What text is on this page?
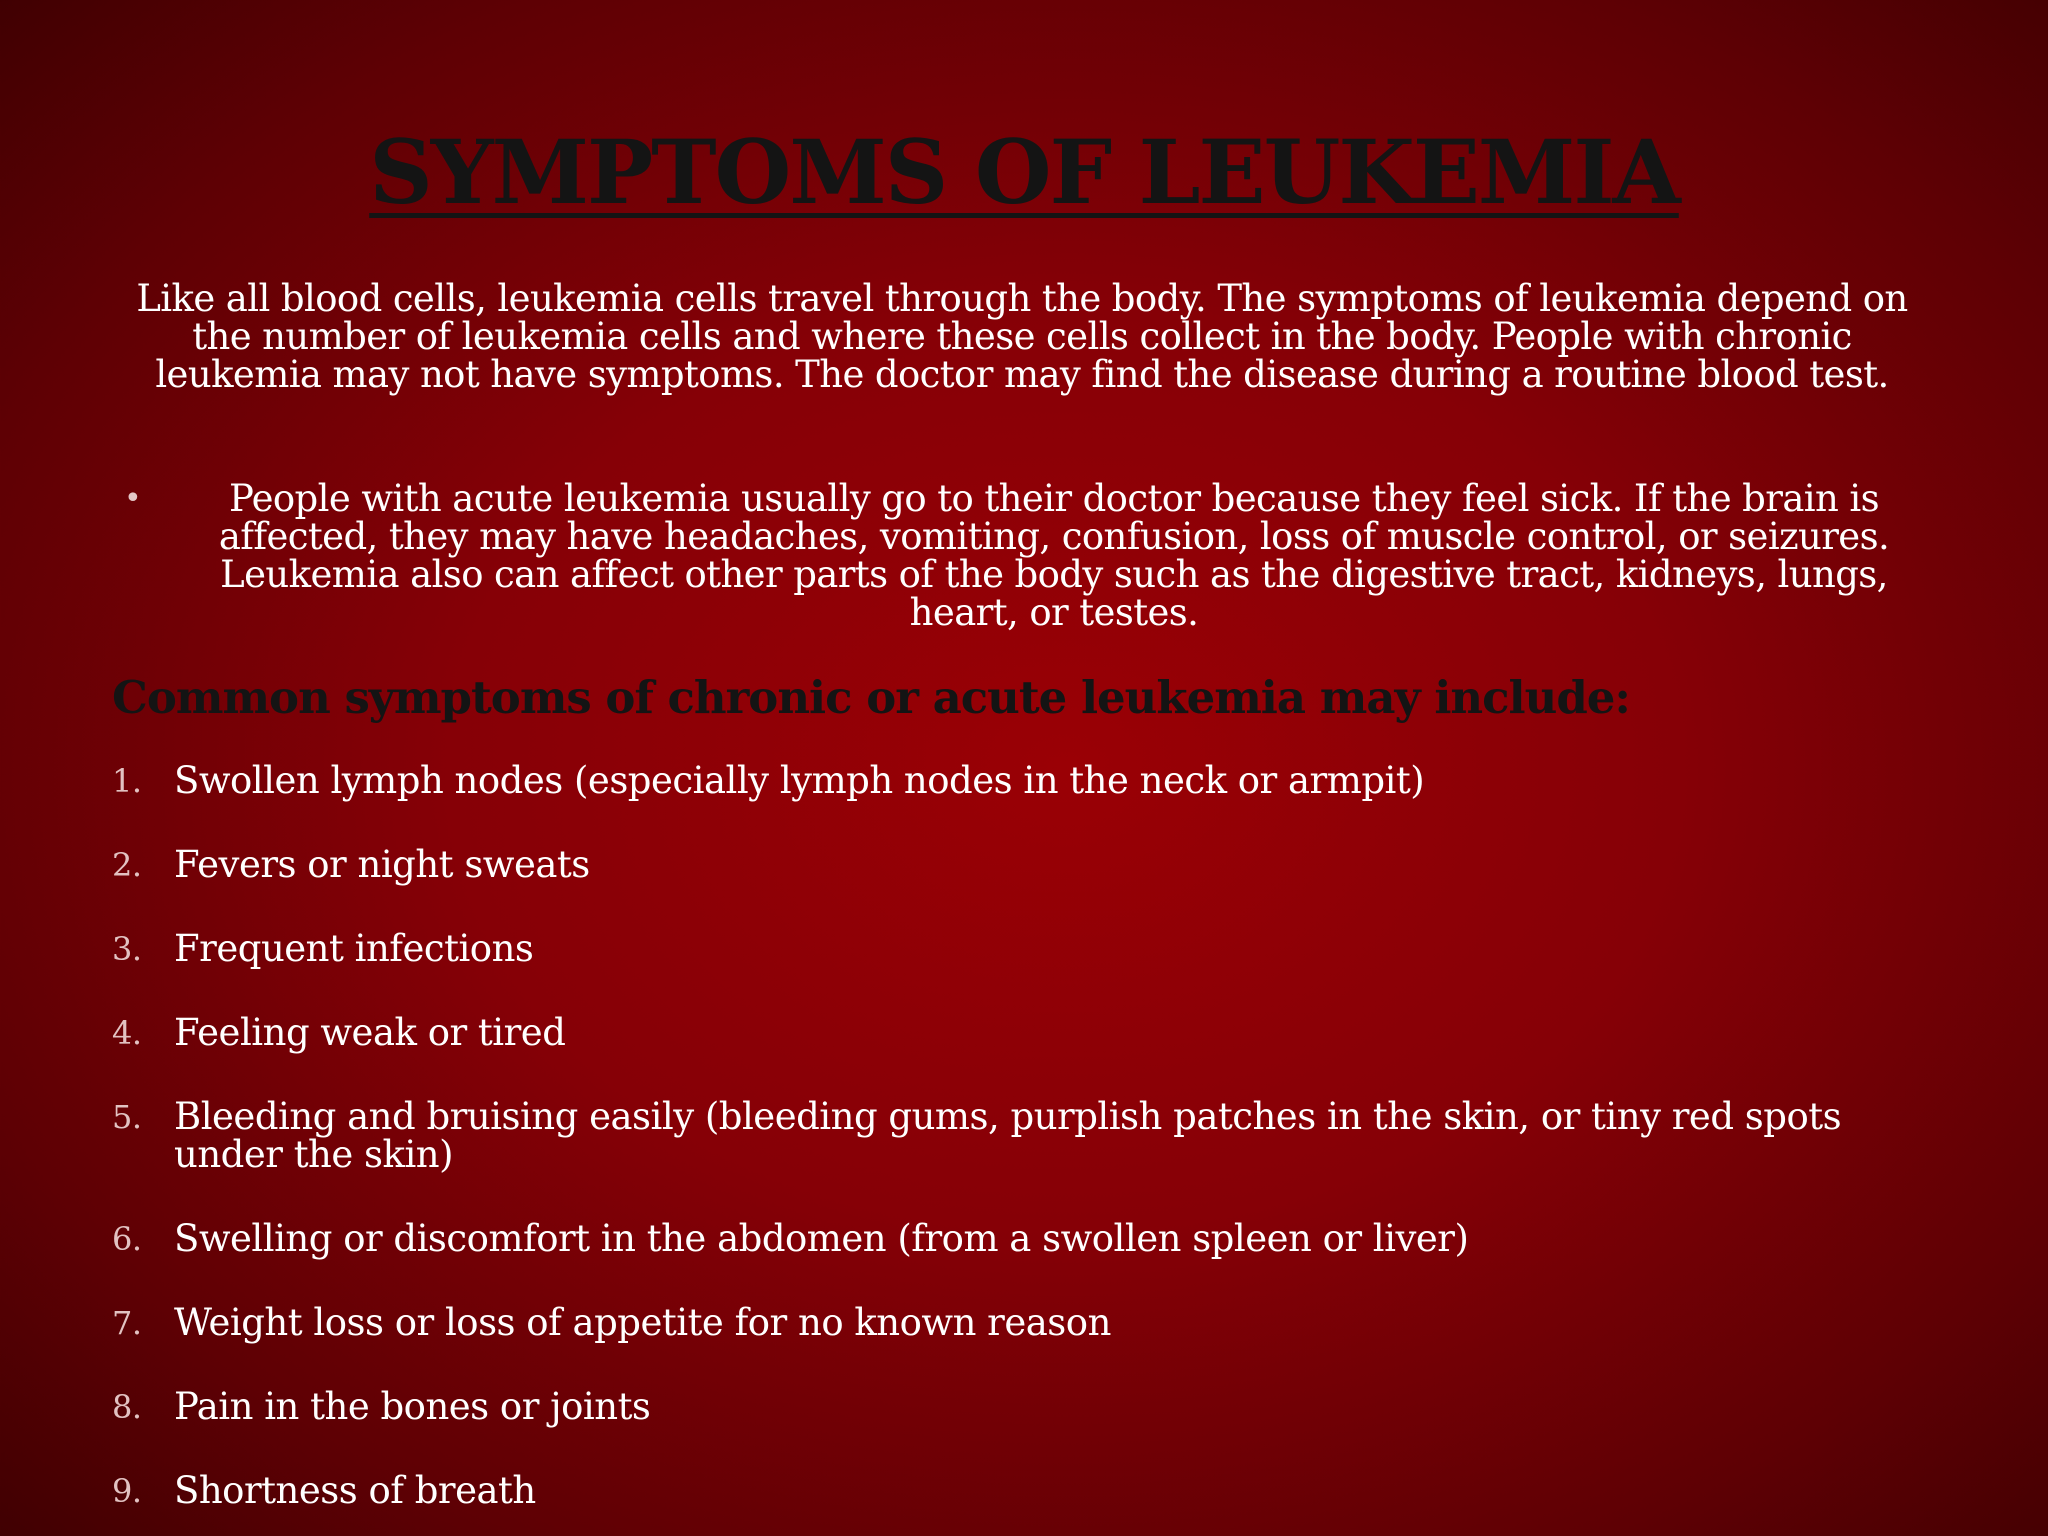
SYMPTOMS OF LEUKEMIA

Like all blood cells, leukemia cells travel through the body. The symptoms of leukemia depend on the number of leukemia cells and where these cells collect in the body. People with chronic leukemia may not have symptoms. The doctor may find the disease during a routine blood test.

•	People with acute leukemia usually go to their doctor because they feel sick. If the brain is affected, they may have headaches, vomiting, confusion, loss of muscle control, or seizures. Leukemia also can affect other parts of the body such as the digestive tract, kidneys, lungs, heart, or testes.

Common symptoms of chronic or acute leukemia may include:
1. Swollen lymph nodes (especially lymph nodes in the neck or armpit)
2. Fevers or night sweats
3. Frequent infections
4. Feeling weak or tired
5. Bleeding and bruising easily (bleeding gums, purplish patches in the skin, or tiny red spots under the skin)
6. Swelling or discomfort in the abdomen (from a swollen spleen or liver)
7. Weight loss or loss of appetite for no known reason
8. Pain in the bones or joints
9. Shortness of breath
